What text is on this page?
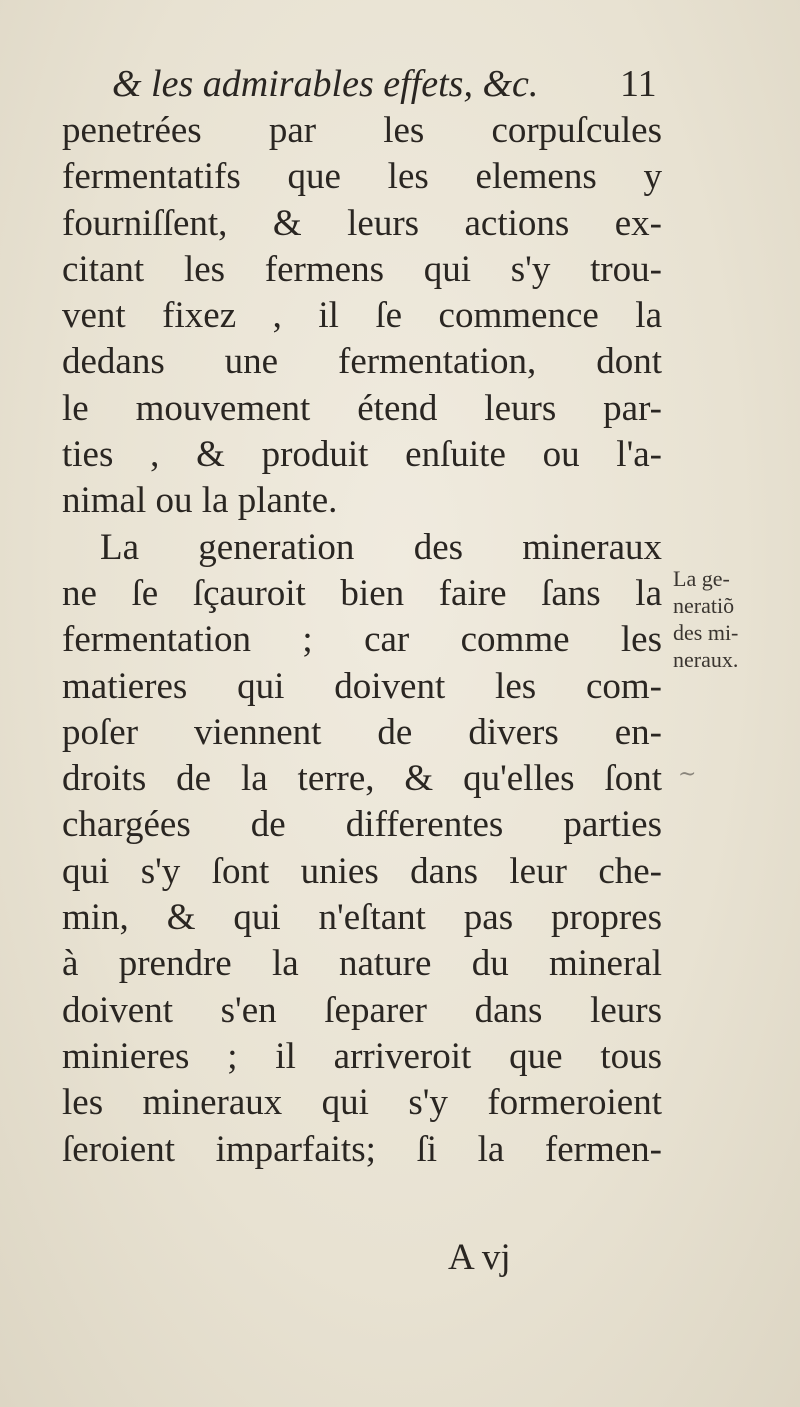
& les admirables effets, &c. 11
penetrées par les corpuſcules
fermentatifs que les elemens y
fourniſſent, & leurs actions ex-
citant les fermens qui s'y trou-
vent fixez , il ſe commence la
dedans une fermentation, dont
le mouvement étend leurs par-
ties , & produit enſuite ou l'a-
nimal ou la plante.
La generation des mineraux
ne ſe ſçauroit bien faire ſans la
fermentation ; car comme les
matieres qui doivent les com-
poſer viennent de divers en-
droits de la terre, & qu'elles ſont
chargées de differentes parties
qui s'y ſont unies dans leur che-
min, & qui n'eſtant pas propres
à prendre la nature du mineral
doivent s'en ſeparer dans leurs
minieres ; il arriveroit que tous
les mineraux qui s'y formeroient
ſeroient imparfaits; ſi la fermen-
A vj
La ge-
neratiõ
des mi-
neraux.
~
